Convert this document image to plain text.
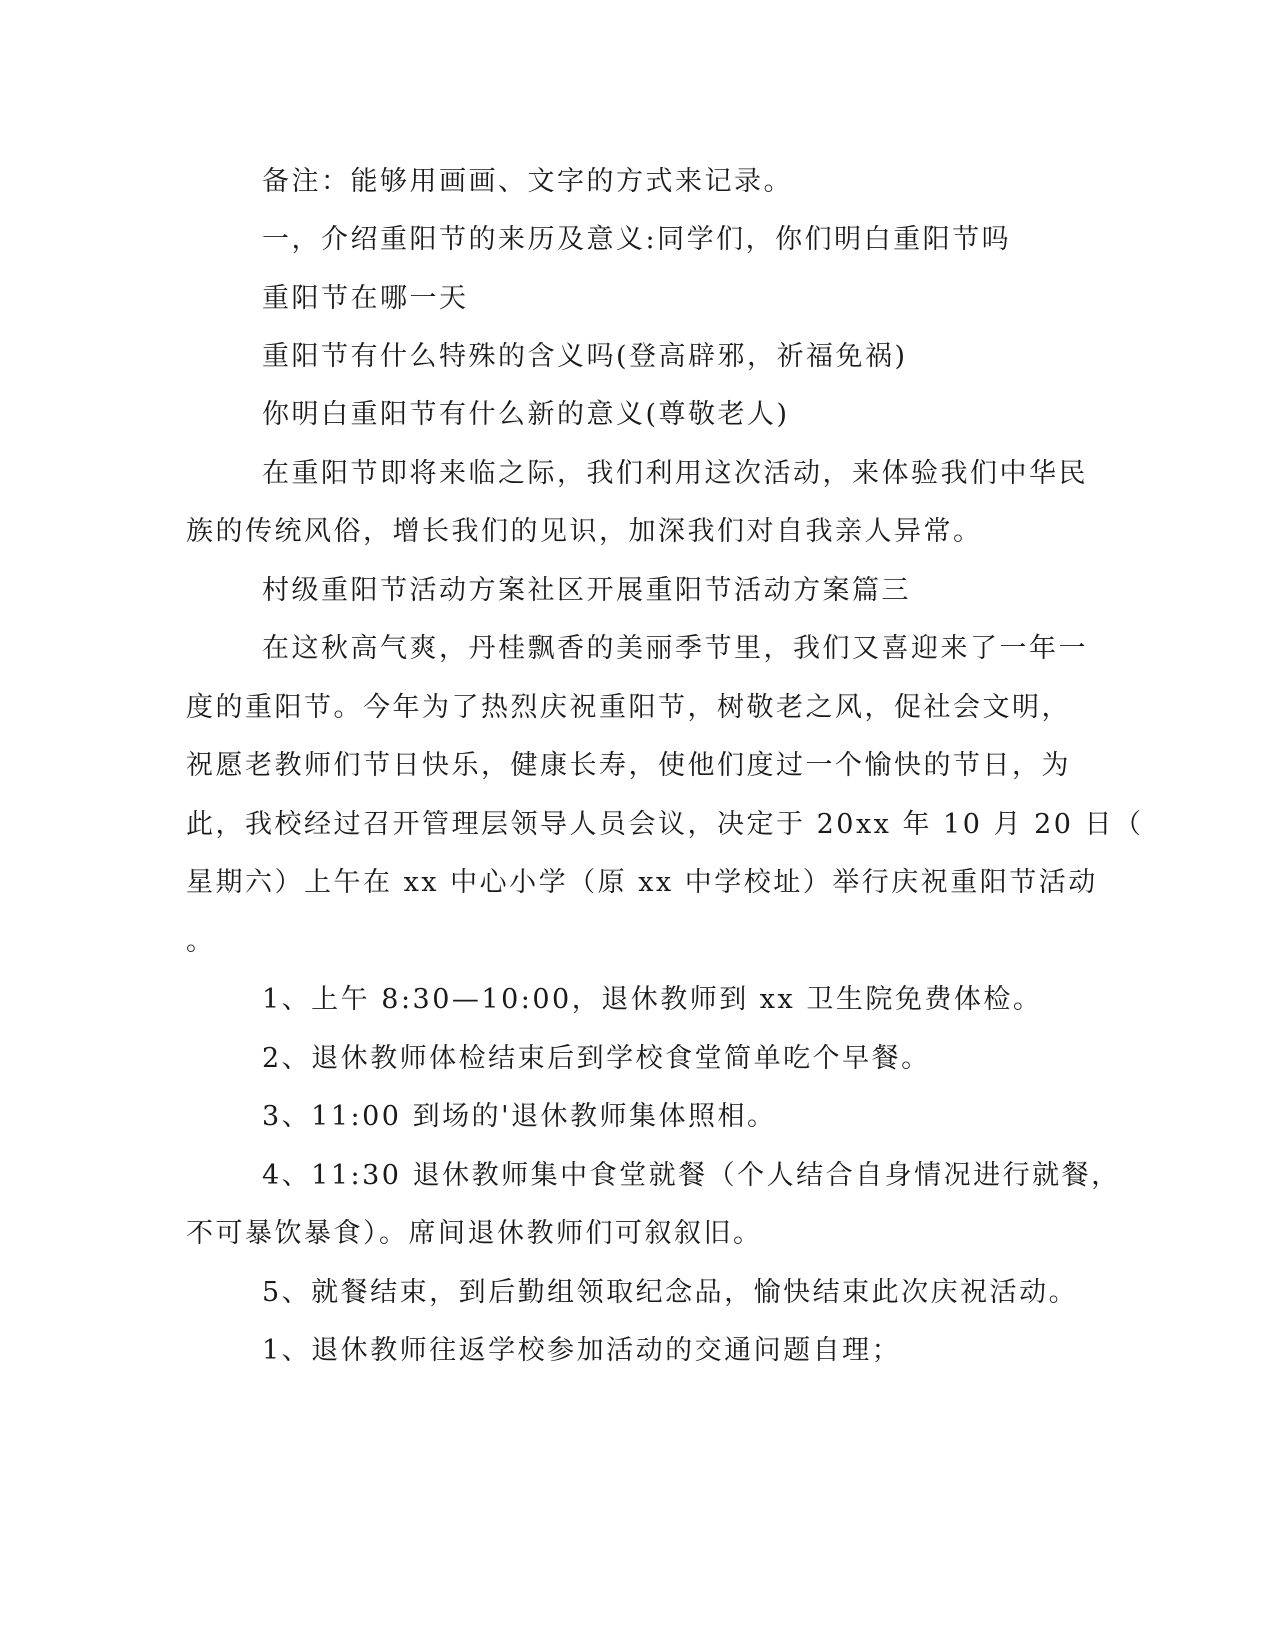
备注：能够用画画、文字的方式来记录。
一，介绍重阳节的来历及意义:同学们，你们明白重阳节吗
重阳节在哪一天
重阳节有什么特殊的含义吗(登高辟邪，祈福免祸)
你明白重阳节有什么新的意义(尊敬老人)
在重阳节即将来临之际，我们利用这次活动，来体验我们中华民
族的传统风俗，增长我们的见识，加深我们对自我亲人异常。
村级重阳节活动方案社区开展重阳节活动方案篇三
在这秋高气爽，丹桂飘香的美丽季节里，我们又喜迎来了一年一
度的重阳节。今年为了热烈庆祝重阳节，树敬老之风，促社会文明，
祝愿老教师们节日快乐，健康长寿，使他们度过一个愉快的节日，为
此，我校经过召开管理层领导人员会议，决定于 20xx 年 10 月 20 日（
星期六）上午在 xx 中心小学（原 xx 中学校址）举行庆祝重阳节活动
。
1、上午 8:30—10:00，退休教师到 xx 卫生院免费体检。
2、退休教师体检结束后到学校食堂简单吃个早餐。
3、11:00 到场的'退休教师集体照相。
4、11:30 退休教师集中食堂就餐（个人结合自身情况进行就餐，
不可暴饮暴食）。席间退休教师们可叙叙旧。
5、就餐结束，到后勤组领取纪念品，愉快结束此次庆祝活动。
1、退休教师往返学校参加活动的交通问题自理；
